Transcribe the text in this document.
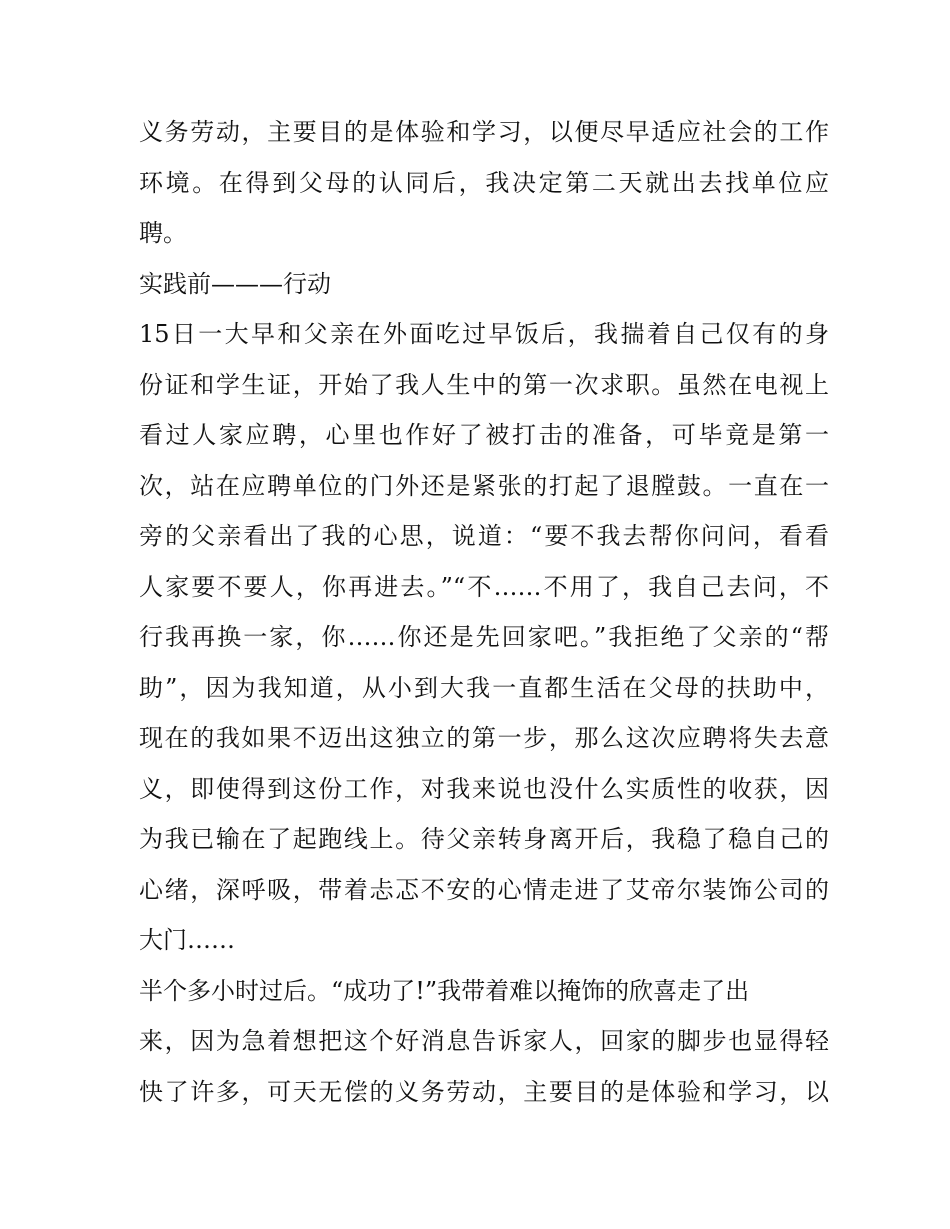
义务劳动，主要目的是体验和学习，以便尽早适应社会的工作
环境。在得到父母的认同后，我决定第二天就出去找单位应
聘。
实践前———行动
15日一大早和父亲在外面吃过早饭后，我揣着自己仅有的身
份证和学生证，开始了我人生中的第一次求职。虽然在电视上
看过人家应聘，心里也作好了被打击的准备，可毕竟是第一
次，站在应聘单位的门外还是紧张的打起了退膛鼓。一直在一
旁的父亲看出了我的心思，说道：“要不我去帮你问问，看看
人家要不要人，你再进去。”“不……不用了，我自己去问，不
行我再换一家，你……你还是先回家吧。”我拒绝了父亲的“帮
助”，因为我知道，从小到大我一直都生活在父母的扶助中，
现在的我如果不迈出这独立的第一步，那么这次应聘将失去意
义，即使得到这份工作，对我来说也没什么实质性的收获，因
为我已输在了起跑线上。待父亲转身离开后，我稳了稳自己的
心绪，深呼吸，带着忐忑不安的心情走进了艾帝尔装饰公司的
大门……
半个多小时过后。“成功了!”我带着难以掩饰的欣喜走了出
来，因为急着想把这个好消息告诉家人，回家的脚步也显得轻
快了许多，可天无偿的义务劳动，主要目的是体验和学习，以
